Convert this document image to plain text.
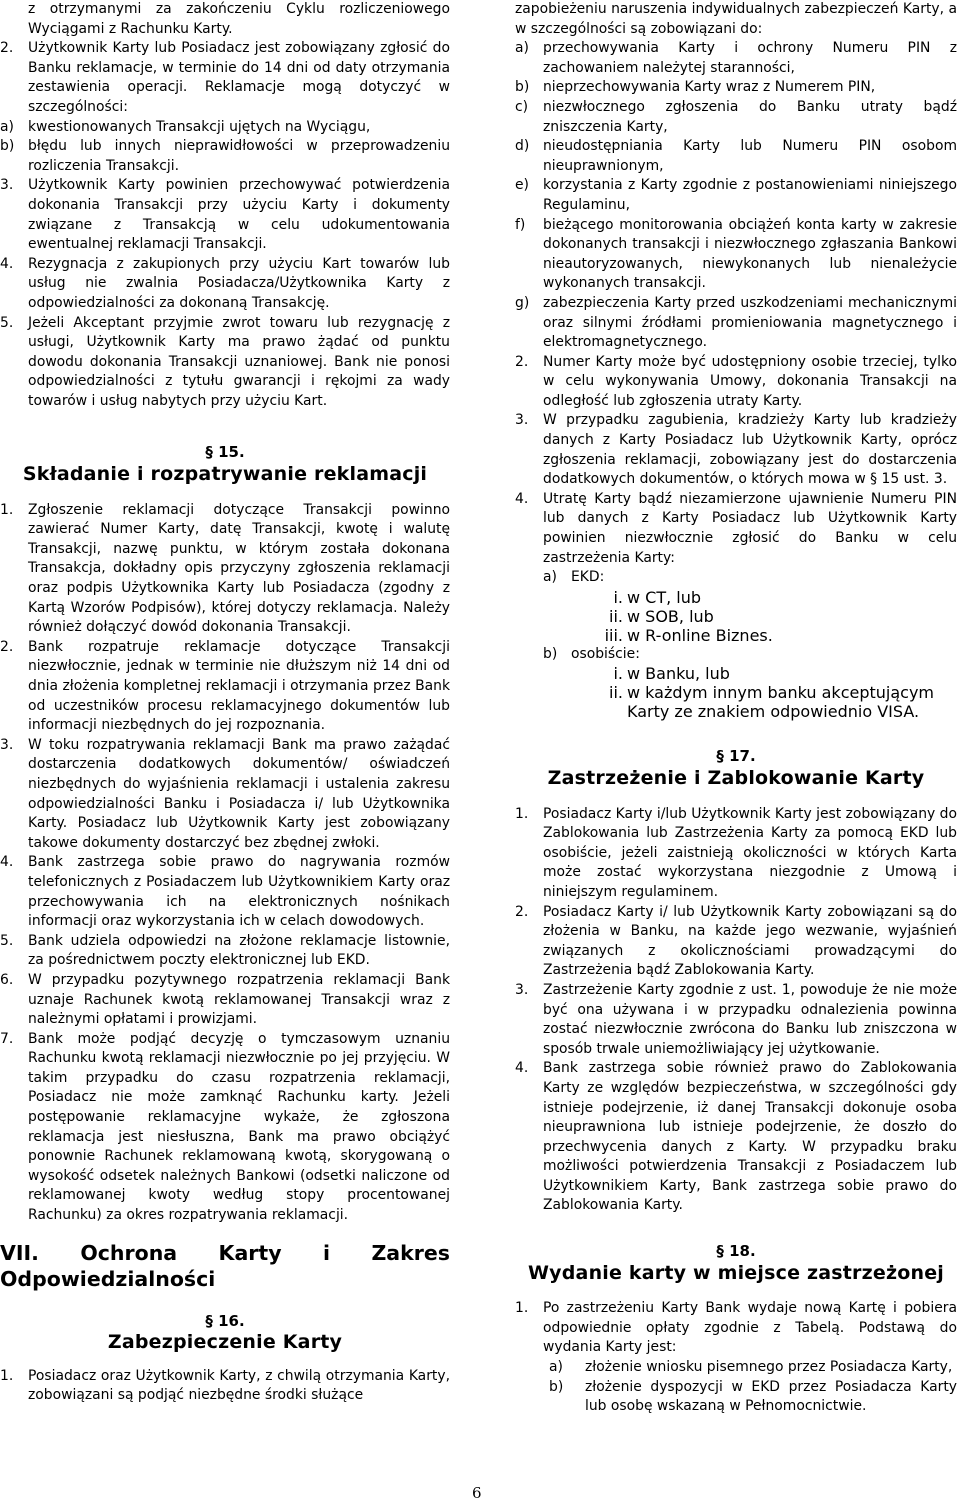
z otrzymanymi za zakończeniu Cyklu rozliczeniowego Wyciągami z Rachunku Karty.

2. Użytkownik Karty lub Posiadacz jest zobowiązany zgłosić do Banku reklamacje, w terminie do 14 dni od daty otrzymania zestawienia operacji. Reklamacje mogą dotyczyć w szczególności:
a) kwestionowanych Transakcji ujętych na Wyciągu,
b) błędu lub innych nieprawidłowości w przeprowadzeniu rozliczenia Transakcji.
3. Użytkownik Karty powinien przechowywać potwierdzenia dokonania Transakcji przy użyciu Karty i dokumenty związane z Transakcją w celu udokumentowania ewentualnej reklamacji Transakcji.
4. Rezygnacja z zakupionych przy użyciu Kart towarów lub usług nie zwalnia Posiadacza/Użytkownika Karty z odpowiedzialności za dokonaną Transakcję.
5. Jeżeli Akceptant przyjmie zwrot towaru lub rezygnację z usługi, Użytkownik Karty ma prawo żądać od punktu dowodu dokonania Transakcji uznaniowej. Bank nie ponosi odpowiedzialności z tytułu gwarancji i rękojmi za wady towarów i usług nabytych przy użyciu Kart.

§ 15.

Składanie i rozpatrywanie reklamacji

1. Zgłoszenie reklamacji dotyczące Transakcji powinno zawierać Numer Karty, datę Transakcji, kwotę i walutę Transakcji, nazwę punktu, w którym została dokonana Transakcja, dokładny opis przyczyny zgłoszenia reklamacji oraz podpis Użytkownika Karty lub Posiadacza (zgodny z Kartą Wzorów Podpisów), której dotyczy reklamacja. Należy również dołączyć dowód dokonania Transakcji.
2. Bank rozpatruje reklamacje dotyczące Transakcji niezwłocznie, jednak w terminie nie dłuższym niż 14 dni od dnia złożenia kompletnej reklamacji i otrzymania przez Bank od uczestników procesu reklamacyjnego dokumentów lub informacji niezbędnych do jej rozpoznania.
3. W toku rozpatrywania reklamacji Bank ma prawo zażądać dostarczenia dodatkowych dokumentów/ oświadczeń niezbędnych do wyjaśnienia reklamacji i ustalenia zakresu odpowiedzialności Banku i Posiadacza i/ lub Użytkownika Karty. Posiadacz lub Użytkownik Karty jest zobowiązany takowe dokumenty dostarczyć bez zbędnej zwłoki.
4. Bank zastrzega sobie prawo do nagrywania rozmów telefonicznych z Posiadaczem lub Użytkownikiem Karty oraz przechowywania ich na elektronicznych nośnikach informacji oraz wykorzystania ich w celach dowodowych.
5. Bank udziela odpowiedzi na złożone reklamacje listownie, za pośrednictwem poczty elektronicznej lub EKD.
6. W przypadku pozytywnego rozpatrzenia reklamacji Bank uznaje Rachunek kwotą reklamowanej Transakcji wraz z należnymi opłatami i prowizjami.
7. Bank może podjąć decyzję o tymczasowym uznaniu Rachunku kwotą reklamacji niezwłocznie po jej przyjęciu. W takim przypadku do czasu rozpatrzenia reklamacji, Posiadacz nie może zamknąć Rachunku karty. Jeżeli postępowanie reklamacyjne wykaże, że zgłoszona reklamacja jest niesłuszna, Bank ma prawo obciążyć ponownie Rachunek reklamowaną kwotą, skorygowaną o wysokość odsetek należnych Bankowi (odsetki naliczone od reklamowanej kwoty według stopy procentowanej Rachunku) za okres rozpatrywania reklamacji.

VII. Ochrona Karty i Zakres Odpowiedzialności

§ 16.

Zabezpieczenie Karty

1. Posiadacz oraz Użytkownik Karty, z chwilą otrzymania Karty, zobowiązani są podjąć niezbędne środki służące

zapobieżeniu naruszenia indywidualnych zabezpieczeń Karty, a w szczególności są zobowiązani do:

a) przechowywania Karty i ochrony Numeru PIN z zachowaniem należytej staranności,
b) nieprzechowywania Karty wraz z Numerem PIN,
c) niezwłocznego zgłoszenia do Banku utraty bądź zniszczenia Karty,
d) nieudostępniania Karty lub Numeru PIN osobom nieuprawnionym,
e) korzystania z Karty zgodnie z postanowieniami niniejszego Regulaminu,
f) bieżącego monitorowania obciążeń konta karty w zakresie dokonanych transakcji i niezwłocznego zgłaszania Bankowi nieautoryzowanych, niewykonanych lub nienależycie wykonanych transakcji.
g) zabezpieczenia Karty przed uszkodzeniami mechanicznymi oraz silnymi źródłami promieniowania magnetycznego i elektromagnetycznego.
2. Numer Karty może być udostępniony osobie trzeciej, tylko w celu wykonywania Umowy, dokonania Transakcji na odległość lub zgłoszenia utraty Karty.
3. W przypadku zagubienia, kradzieży Karty lub kradzieży danych z Karty Posiadacz lub Użytkownik Karty, oprócz zgłoszenia reklamacji, zobowiązany jest do dostarczenia dodatkowych dokumentów, o których mowa w § 15 ust. 3.
4. Utratę Karty bądź niezamierzone ujawnienie Numeru PIN lub danych z Karty Posiadacz lub Użytkownik Karty powinien niezwłocznie zgłosić do Banku w celu zastrzeżenia Karty:
a) EKD:
i. w CT, lub
ii. w SOB, lub
iii. w R-online Biznes.
b) osobiście:
i. w Banku, lub
ii. w każdym innym banku akceptującym Karty ze znakiem odpowiednio VISA.

§ 17.

Zastrzeżenie i Zablokowanie Karty

1. Posiadacz Karty i/lub Użytkownik Karty jest zobowiązany do Zablokowania lub Zastrzeżenia Karty za pomocą EKD lub osobiście, jeżeli zaistnieją okoliczności w których Karta może zostać wykorzystana niezgodnie z Umową i niniejszym regulaminem.
2. Posiadacz Karty i/ lub Użytkownik Karty zobowiązani są do złożenia w Banku, na każde jego wezwanie, wyjaśnień związanych z okolicznościami prowadzącymi do Zastrzeżenia bądź Zablokowania Karty.
3. Zastrzeżenie Karty zgodnie z ust. 1, powoduje że nie może być ona używana i w przypadku odnalezienia powinna zostać niezwłocznie zwrócona do Banku lub zniszczona w sposób trwale uniemożliwiający jej użytkowanie.
4. Bank zastrzega sobie również prawo do Zablokowania Karty ze względów bezpieczeństwa, w szczególności gdy istnieje podejrzenie, iż danej Transakcji dokonuje osoba nieuprawniona lub istnieje podejrzenie, że doszło do przechwycenia danych z Karty. W przypadku braku możliwości potwierdzenia Transakcji z Posiadaczem lub Użytkownikiem Karty, Bank zastrzega sobie prawo do Zablokowania Karty.

§ 18.

Wydanie karty w miejsce zastrzeżonej

1. Po zastrzeżeniu Karty Bank wydaje nową Kartę i pobiera odpowiednie opłaty zgodnie z Tabelą. Podstawą do wydania Karty jest:
a) złożenie wniosku pisemnego przez Posiadacza Karty,
b) złożenie dyspozycji w EKD przez Posiadacza Karty lub osobę wskazaną w Pełnomocnictwie.
6
